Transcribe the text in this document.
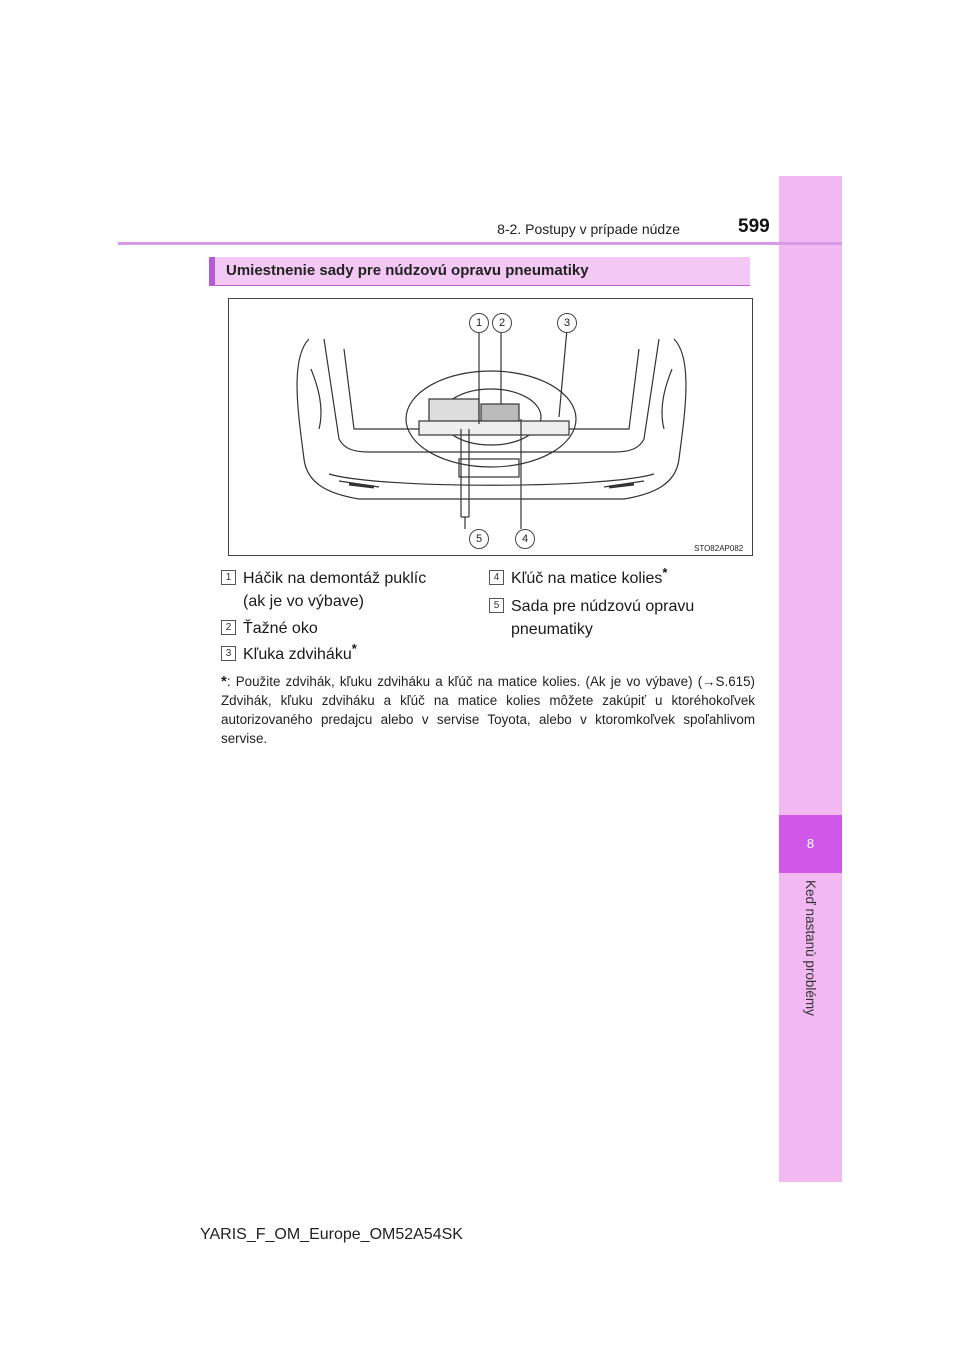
8
Keď nastanú problémy
8-2. Postupy v prípade núdze	599
Umiestnenie sady pre núdzovú opravu pneumatiky
1	2	3
4
5
STO82AP082
1 Háčik na demontáž puklíc
(ak je vo výbave)
2 Ťažné oko
3 Kľuka zdviháku*
4 Kľúč na matice kolies*
5 Sada pre núdzovú opravu
pneumatiky
*: Použite zdvihák, kľuku zdviháku a kľúč na matice kolies. (Ak je vo výbave) (→S.615) Zdvihák, kľuku zdviháku a kľúč na matice kolies môžete zakúpiť u ktoréhokoľvek autorizovaného predajcu alebo v servise Toyota, alebo v ktoromkoľvek spoľahlivom servise.
YARIS_F_OM_Europe_OM52A54SK
